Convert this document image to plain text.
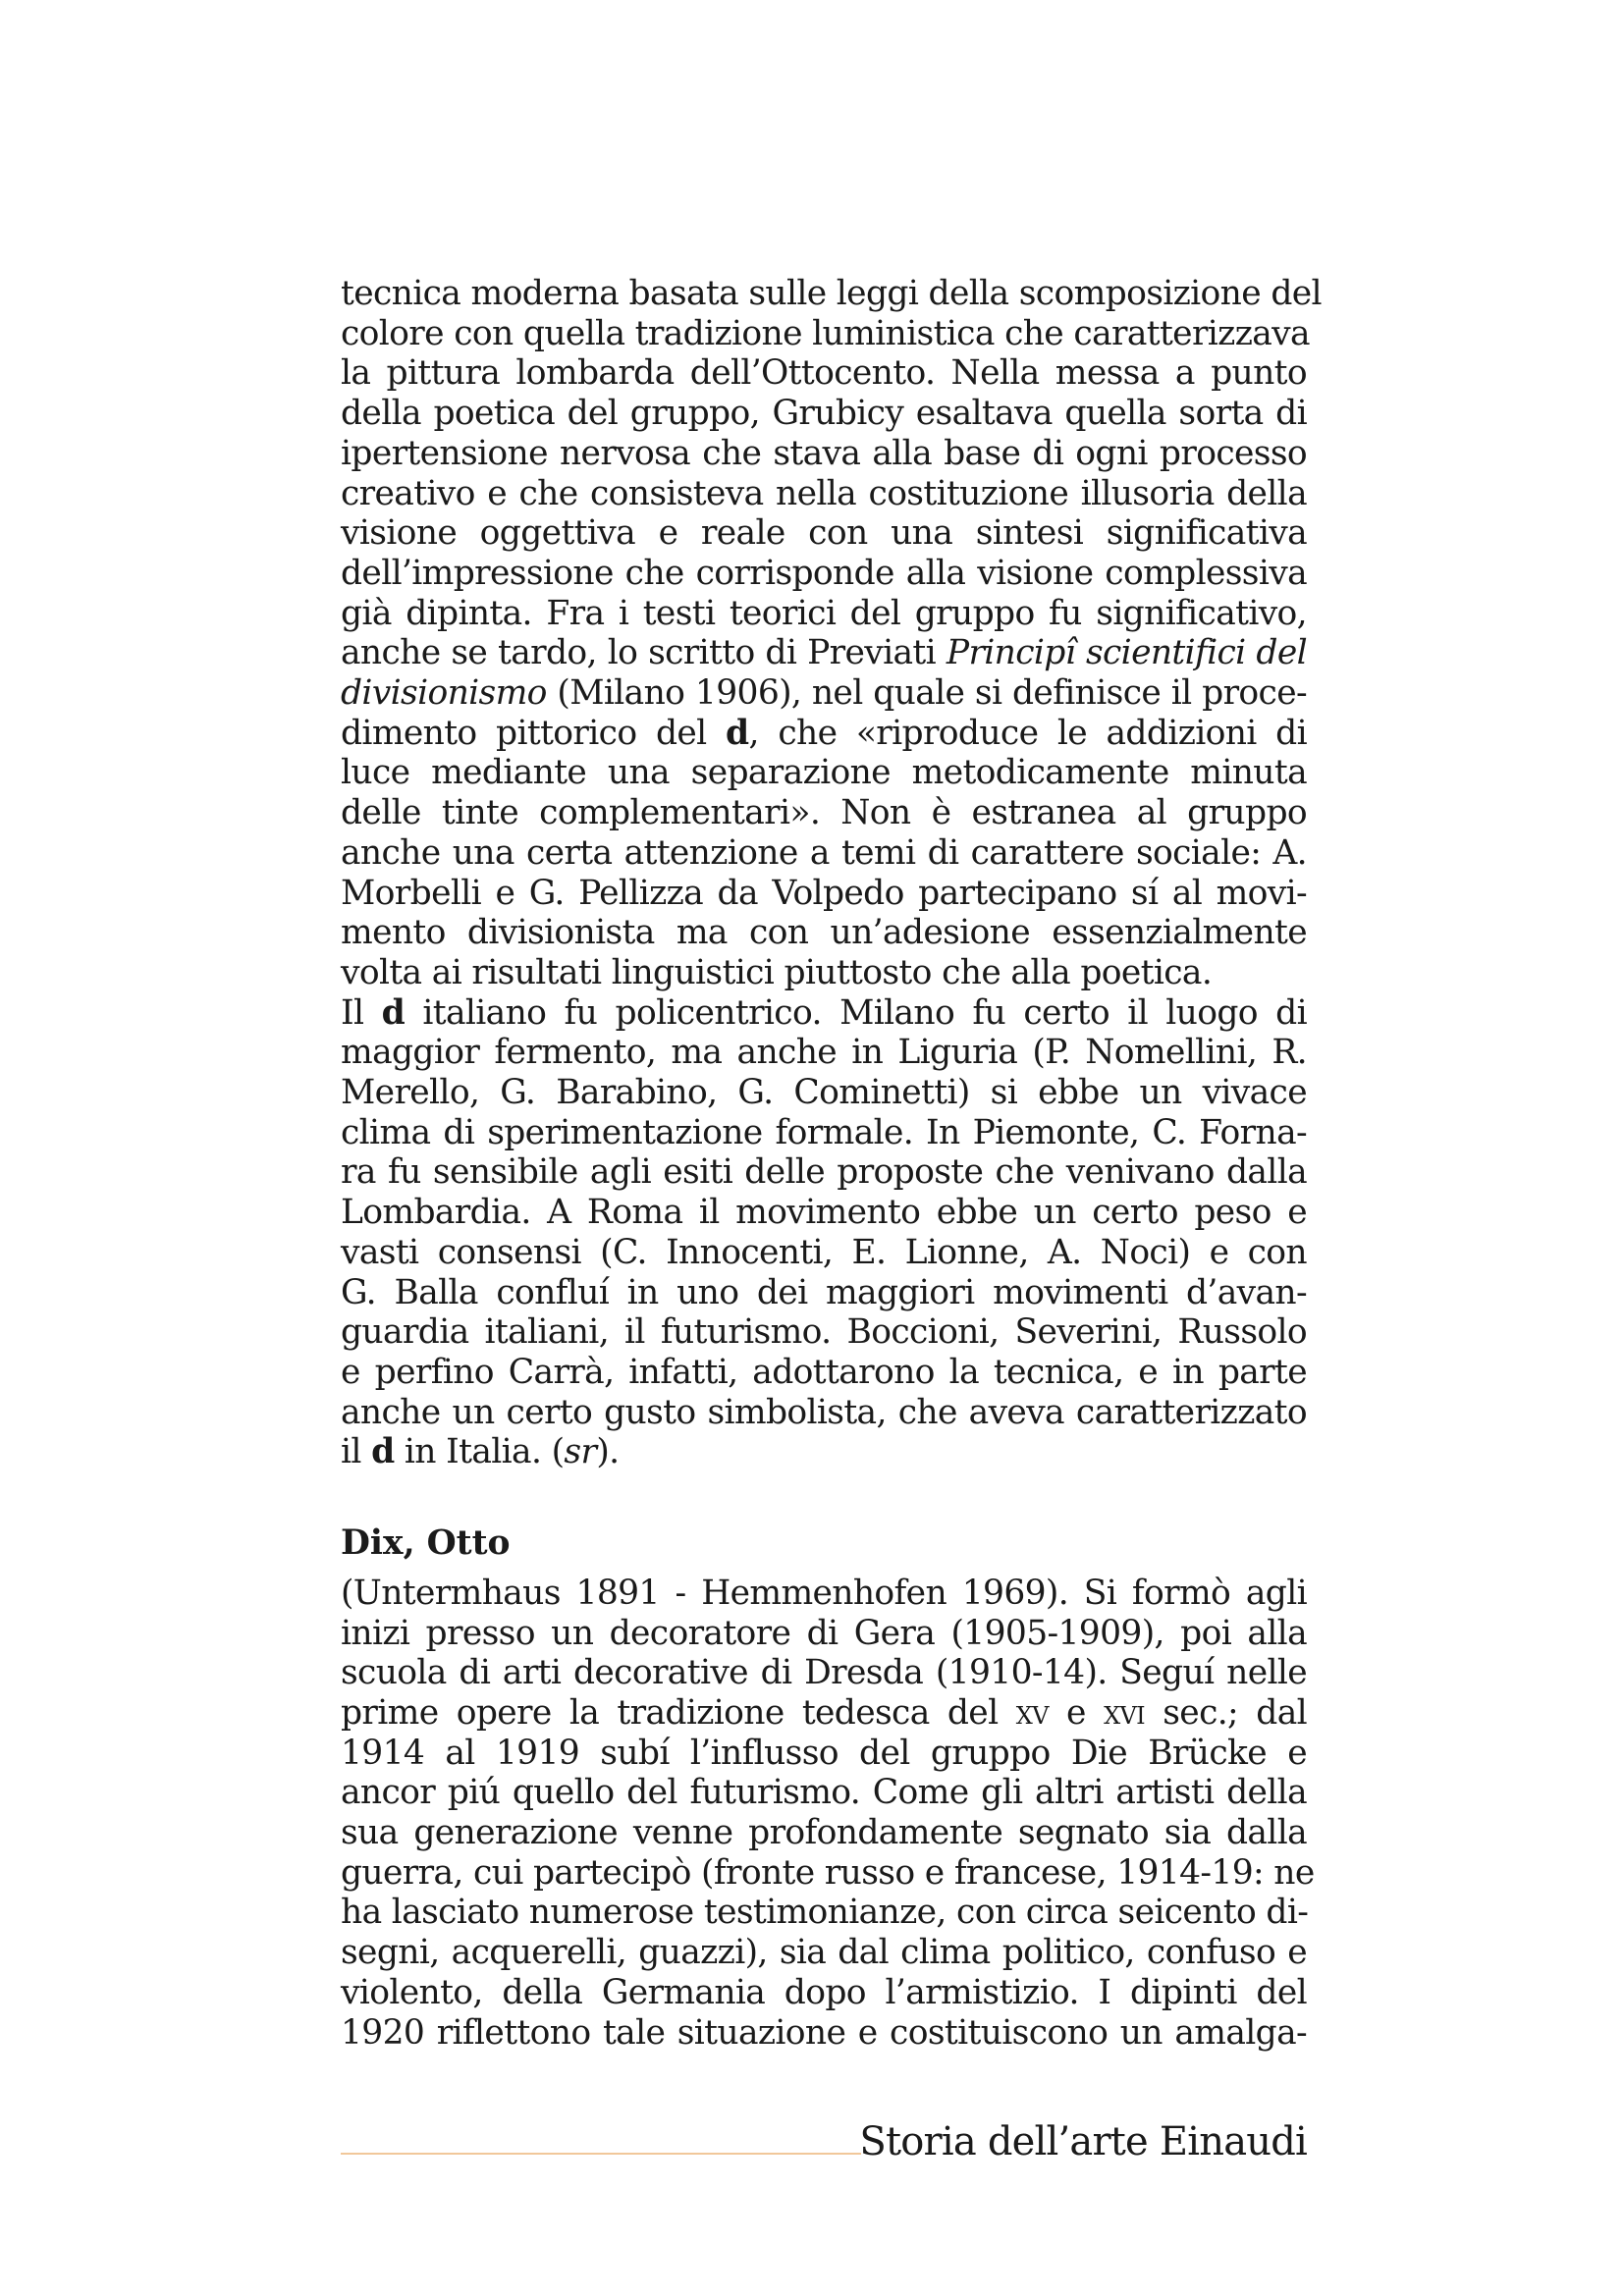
tecnica moderna basata sulle leggi della scomposizione del
colore con quella tradizione luministica che caratterizzava
la pittura lombarda dell’Ottocento. Nella messa a punto
della poetica del gruppo, Grubicy esaltava quella sorta di
ipertensione nervosa che stava alla base di ogni processo
creativo e che consisteva nella costituzione illusoria della
visione oggettiva e reale con una sintesi significativa
dell’impressione che corrisponde alla visione complessiva
già dipinta. Fra i testi teorici del gruppo fu significativo,
anche se tardo, lo scritto di Previati Principî scientifici del
divisionismo (Milano 1906), nel quale si definisce il proce-
dimento pittorico del d, che «riproduce le addizioni di
luce mediante una separazione metodicamente minuta
delle tinte complementari». Non è estranea al gruppo
anche una certa attenzione a temi di carattere sociale: A.
Morbelli e G. Pellizza da Volpedo partecipano sí al movi-
mento divisionista ma con un’adesione essenzialmente
volta ai risultati linguistici piuttosto che alla poetica.

Il d italiano fu policentrico. Milano fu certo il luogo di
maggior fermento, ma anche in Liguria (P. Nomellini, R.
Merello, G. Barabino, G. Cominetti) si ebbe un vivace
clima di sperimentazione formale. In Piemonte, C. Forna-
ra fu sensibile agli esiti delle proposte che venivano dalla
Lombardia. A Roma il movimento ebbe un certo peso e
vasti consensi (C. Innocenti, E. Lionne, A. Noci) e con
G. Balla confluí in uno dei maggiori movimenti d’avan-
guardia italiani, il futurismo. Boccioni, Severini, Russolo
e perfino Carrà, infatti, adottarono la tecnica, e in parte
anche un certo gusto simbolista, che aveva caratterizzato
il d in Italia. (sr).

Dix, Otto

(Untermhaus 1891 - Hemmenhofen 1969). Si formò agli
inizi presso un decoratore di Gera (1905-1909), poi alla
scuola di arti decorative di Dresda (1910-14). Seguí nelle
prime opere la tradizione tedesca del xv e xvi sec.; dal
1914 al 1919 subí l’influsso del gruppo Die Brücke e
ancor piú quello del futurismo. Come gli altri artisti della
sua generazione venne profondamente segnato sia dalla
guerra, cui partecipò (fronte russo e francese, 1914-19: ne
ha lasciato numerose testimonianze, con circa seicento di-
segni, acquerelli, guazzi), sia dal clima politico, confuso e
violento, della Germania dopo l’armistizio. I dipinti del
1920 riflettono tale situazione e costituiscono un amalga-

Storia dell’arte Einaudi
